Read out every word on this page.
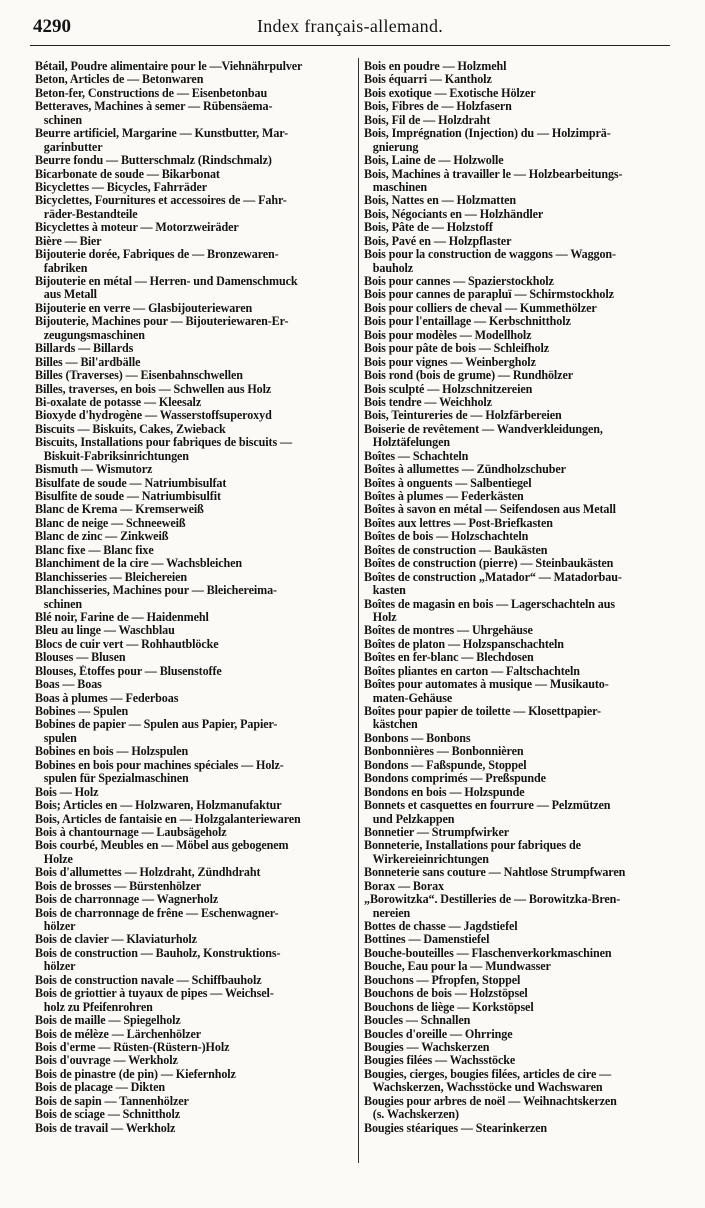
4290	Index français-allemand.
Bétail, Poudre alimentaire pour le —Viehnährpulver
Beton, Articles de — Betonwaren
Beton-fer, Constructions de — Eisenbetonbau
Betteraves, Machines à semer — Rübensäema-
schinen
Beurre artificiel, Margarine — Kunstbutter, Mar-
garinbutter
Beurre fondu — Butterschmalz (Rindschmalz)
Bicarbonate de soude — Bikarbonat
Bicyclettes — Bicycles, Fahrräder
Bicyclettes, Fournitures et accessoires de — Fahr-
räder-Bestandteile
Bicyclettes à moteur — Motorzweiräder
Bière — Bier
Bijouterie dorée, Fabriques de — Bronzewaren-
fabriken
Bijouterie en métal — Herren- und Damenschmuck
aus Metall
Bijouterie en verre — Glasbijouteriewaren
Bijouterie, Machines pour — Bijouteriewaren-Er-
zeugungsmaschinen
Billards — Billards
Billes — Bil'ardbälle
Billes (Traverses) — Eisenbahnschwellen
Billes, traverses, en bois — Schwellen aus Holz
Bi-oxalate de potasse — Kleesalz
Bioxyde d'hydrogène — Wasserstoffsuperoxyd
Biscuits — Biskuits, Cakes, Zwieback
Biscuits, Installations pour fabriques de biscuits —
Biskuit-Fabriksinrichtungen
Bismuth — Wismutorz
Bisulfate de soude — Natriumbisulfat
Bisulfite de soude — Natriumbisulfit
Blanc de Krema — Kremserweiß
Blanc de neige — Schneeweiß
Blanc de zinc — Zinkweiß
Blanc fixe — Blanc fixe
Blanchiment de la cire — Wachsbleichen
Blanchisseries — Bleichereien
Blanchisseries, Machines pour — Bleichereima-
schinen
Blé noir, Farine de — Haidenmehl
Bleu au linge — Waschblau
Blocs de cuir vert — Rohhautblöcke
Blouses — Blusen
Blouses, Étoffes pour — Blusenstoffe
Boas — Boas
Boas à plumes — Federboas
Bobines — Spulen
Bobines de papier — Spulen aus Papier, Papier-
spulen
Bobines en bois — Holzspulen
Bobines en bois pour machines spéciales — Holz-
spulen für Spezialmaschinen
Bois — Holz
Bois; Articles en — Holzwaren, Holzmanufaktur
Bois, Articles de fantaisie en — Holzgalanteriewaren
Bois à chantournage — Laubsägeholz
Bois courbé, Meubles en — Möbel aus gebogenem
Holze
Bois d'allumettes — Holzdraht, Zündhdraht
Bois de brosses — Bürstenhölzer
Bois de charronnage — Wagnerholz
Bois de charronnage de frêne — Eschenwagner-
hölzer
Bois de clavier — Klaviaturholz
Bois de construction — Bauholz, Konstruktions-
hölzer
Bois de construction navale — Schiffbauholz
Bois de griottier à tuyaux de pipes — Weichsel-
holz zu Pfeifenrohren
Bois de maille — Spiegelholz
Bois de mélèze — Lärchenhölzer
Bois d'erme — Rüsten-(Rüstern-)Holz
Bois d'ouvrage — Werkholz
Bois de pinastre (de pin) — Kiefernholz
Bois de placage — Dikten
Bois de sapin — Tannenhölzer
Bois de sciage — Schnittholz
Bois de travail — Werkholz
Bois en poudre — Holzmehl
Bois équarri — Kantholz
Bois exotique — Exotische Hölzer
Bois, Fibres de — Holzfasern
Bois, Fil de — Holzdraht
Bois, Imprégnation (Injection) du — Holzimprä-
gnierung
Bois, Laine de — Holzwolle
Bois, Machines à travailler le — Holzbearbeitungs-
maschinen
Bois, Nattes en — Holzmatten
Bois, Négociants en — Holzhändler
Bois, Pâte de — Holzstoff
Bois, Pavé en — Holzpflaster
Bois pour la construction de waggons — Waggon-
bauholz
Bois pour cannes — Spazierstockholz
Bois pour cannes de parapluï — Schirmstockholz
Bois pour colliers de cheval — Kummethölzer
Bois pour l'entaillage — Kerbschnittholz
Bois pour modèles — Modellholz
Bois pour pâte de bois — Schleifholz
Bois pour vignes — Weinbergholz
Bois rond (bois de grume) — Rundhölzer
Bois sculpté — Holzschnitzereien
Bois tendre — Weichholz
Bois, Teintureries de — Holzfärbereien
Boiserie de revêtement — Wandverkleidungen,
Holztäfelungen
Boîtes — Schachteln
Boîtes à allumettes — Zündholzschuber
Boîtes à onguents — Salbentiegel
Boîtes à plumes — Federkästen
Boîtes à savon en métal — Seifendosen aus Metall
Boîtes aux lettres — Post-Briefkasten
Boîtes de bois — Holzschachteln
Boîtes de construction — Baukästen
Boîtes de construction (pierre) — Steinbaukästen
Boîtes de construction „Matador“ — Matadorbau-
kasten
Boîtes de magasin en bois — Lagerschachteln aus
Holz
Boîtes de montres — Uhrgehäuse
Boîtes de platon — Holzspanschachteln
Boîtes en fer-blanc — Blechdosen
Boîtes pliantes en carton — Faltschachteln
Boîtes pour automates à musique — Musikauto-
maten-Gehäuse
Boîtes pour papier de toilette — Klosettpapier-
kästchen
Bonbons — Bonbons
Bonbonnières — Bonbonnièren
Bondons — Faßspunde, Stoppel
Bondons comprimés — Preßspunde
Bondons en bois — Holzspunde
Bonnets et casquettes en fourrure — Pelzmützen
und Pelzkappen
Bonnetier — Strumpfwirker
Bonneterie, Installations pour fabriques de
Wirkereieinrichtungen
Bonneterie sans couture — Nahtlose Strumpfwaren
Borax — Borax
„Borowitzka“. Destilleries de — Borowitzka-Bren-
nereien
Bottes de chasse — Jagdstiefel
Bottines — Damenstiefel
Bouche-bouteilles — Flaschenverkorkmaschinen
Bouche, Eau pour la — Mundwasser
Bouchons — Pfropfen, Stoppel
Bouchons de bois — Holzstöpsel
Bouchons de liège — Korkstöpsel
Boucles — Schnallen
Boucles d'oreille — Ohrringe
Bougies — Wachskerzen
Bougies filées — Wachsstöcke
Bougies, cierges, bougies filées, articles de cire —
Wachskerzen, Wachsstöcke und Wachswaren
Bougies pour arbres de noël — Weihnachtskerzen
(s. Wachskerzen)
Bougies stéariques — Stearinkerzen
